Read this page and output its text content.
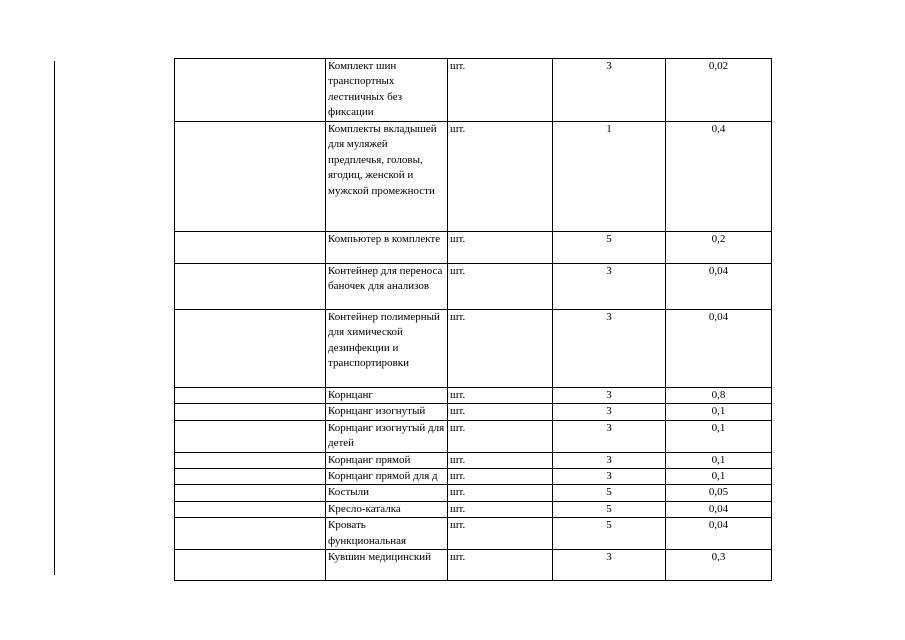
	Комплект шин транспортных лестничных без фиксации	шт.	3	0,02
	Комплекты вкладышей для муляжей предплечья, головы, ягодиц, женской и мужской промежности	шт.	1	0,4
	Компьютер в комплекте	шт.	5	0,2
	Контейнер для переноса баночек для анализов	шт.	3	0,04
	Контейнер полимерный для химической дезинфекции и транспортировки	шт.	3	0,04
	Корнцанг	шт.	3	0,8
	Корнцанг изогнутый	шт.	3	0,1
	Корнцанг изогнутый для детей	шт.	3	0,1
	Корнцанг прямой	шт.	3	0,1
	Корнцанг прямой для д	шт.	3	0,1
	Костыли	шт.	5	0,05
	Кресло-каталка	шт.	5	0,04
	Кровать функциональная	шт.	5	0,04
	Кувшин медицинский	шт.	3	0,3
